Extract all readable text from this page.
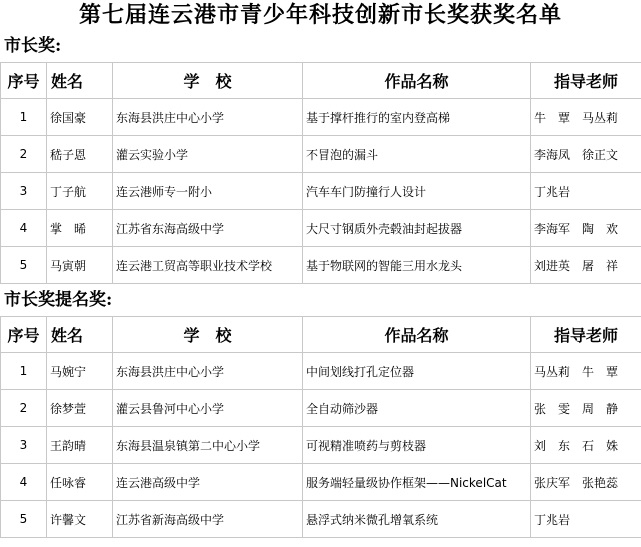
第七届连云港市青少年科技创新市长奖获奖名单
市长奖:
序号	姓名	学　校	作品名称	指导老师
1	徐国豪	东海县洪庄中心小学	基于撑杆推行的室内登高梯	牛　覃　马丛莉
2	嵇子恩	灌云实验小学	不冒泡的漏斗	李海凤　徐正文
3	丁子航	连云港师专一附小	汽车车门防撞行人设计	丁兆岩
4	掌　晞	江苏省东海高级中学	大尺寸钢质外壳毂油封起拔器	李海军　陶　欢
5	马寅朝	连云港工贸高等职业技术学校	基于物联网的智能三用水龙头	刘进英　屠　祥
市长奖提名奖:
序号	姓名	学　校	作品名称	指导老师
1	马婉宁	东海县洪庄中心小学	中间划线打孔定位器	马丛莉　牛　覃
2	徐梦萱	灌云县鲁河中心小学	全自动筛沙器	张　雯　周　静
3	王韵晴	东海县温泉镇第二中心小学	可视精准喷药与剪枝器	刘　东　石　姝
4	任咏睿	连云港高级中学	服务端轻量级协作框架——NickelCat	张庆军　张艳蕊
5	许馨文	江苏省新海高级中学	悬浮式纳米微孔增氧系统	丁兆岩
